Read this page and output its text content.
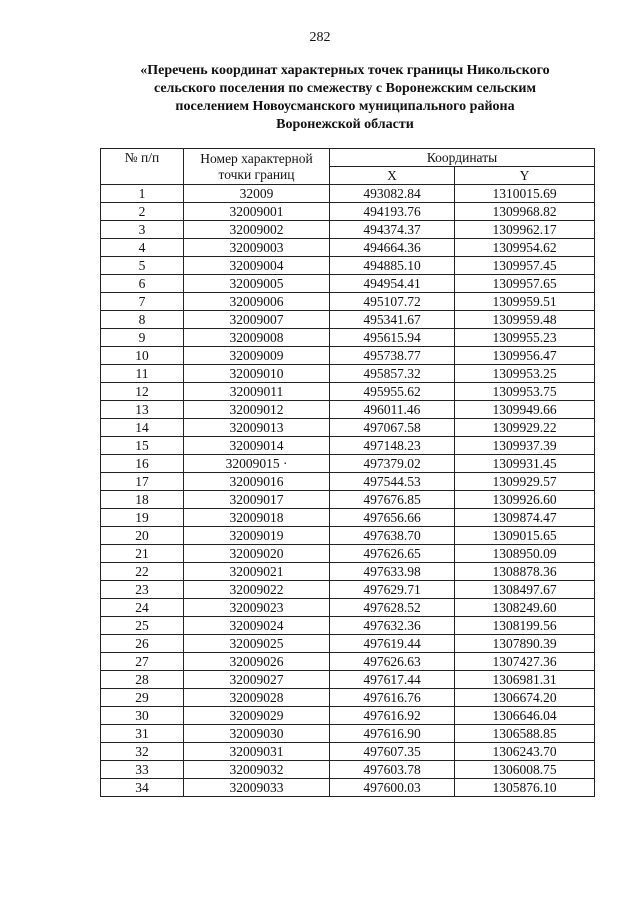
282
«Перечень координат характерных точек границы Никольского
сельского поселения по смежеству с Воронежским сельским
поселением Новоусманского муниципального района
Воронежской области
№ п/п	Номер характерной
точки границ	Координаты	
		X	Y
1	32009	493082.84	1310015.69
2	32009001	494193.76	1309968.82
3	32009002	494374.37	1309962.17
4	32009003	494664.36	1309954.62
5	32009004	494885.10	1309957.45
6	32009005	494954.41	1309957.65
7	32009006	495107.72	1309959.51
8	32009007	495341.67	1309959.48
9	32009008	495615.94	1309955.23
10	32009009	495738.77	1309956.47
11	32009010	495857.32	1309953.25
12	32009011	495955.62	1309953.75
13	32009012	496011.46	1309949.66
14	32009013	497067.58	1309929.22
15	32009014	497148.23	1309937.39
16	32009015 ·	497379.02	1309931.45
17	32009016	497544.53	1309929.57
18	32009017	497676.85	1309926.60
19	32009018	497656.66	1309874.47
20	32009019	497638.70	1309015.65
21	32009020	497626.65	1308950.09
22	32009021	497633.98	1308878.36
23	32009022	497629.71	1308497.67
24	32009023	497628.52	1308249.60
25	32009024	497632.36	1308199.56
26	32009025	497619.44	1307890.39
27	32009026	497626.63	1307427.36
28	32009027	497617.44	1306981.31
29	32009028	497616.76	1306674.20
30	32009029	497616.92	1306646.04
31	32009030	497616.90	1306588.85
32	32009031	497607.35	1306243.70
33	32009032	497603.78	1306008.75
34	32009033	497600.03	1305876.10
